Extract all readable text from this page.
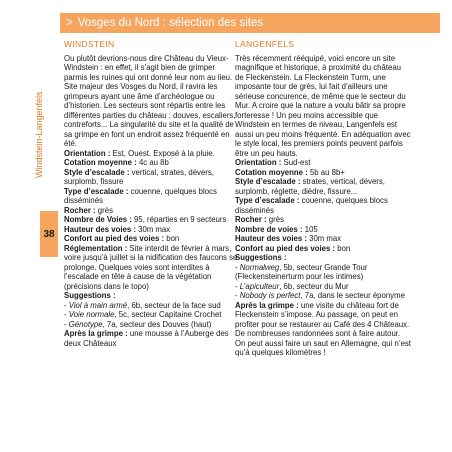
> Vosges du Nord : sélection des sites
Windstein-Langenfels
38
WINDSTEIN

Ou plutôt devrions-nous dire Château du Vieux-Windstein : en effet, il s’agit bien de grimper parmis les ruines qui ont donné leur nom au lieu. Site majeur des Vosges du Nord, il ravira les grimpeurs ayant une âme d’archéologue ou d’historien. Les secteurs sont répartis entre les différentes parties du château : douves, escaliers, contreforts... La singularité du site et la qualité de sa grimpe en font un endroit assez fréquenté en été.

Orientation : Est, Ouest. Exposé à la pluie.

Cotation moyenne : 4c au 8b

Style d’escalade : vertical, strates, dévers, surplomb, fissure

Type d’escalade : couenne, quelques blocs disséminés

Rocher : grès

Nombre de Voies : 95, réparties en 9 secteurs

Hauteur des voies : 30m max

Confort au pied des voies : bon

Réglementation : Site interdit de février à mars, voire jusqu’à juillet si la nidification des faucons se prolonge. Quelques voies sont interdites à l’escalade en tête à cause de la végétation (précisions dans le topo)

Suggestions :

- Viol à main armé, 6b, secteur de la face sud

- Voie normale, 5c, secteur Capitaine Crochet

- Génotype, 7a, secteur des Douves (haut)

Après la grimpe : une mousse à l’Auberge des deux Châteaux

LANGENFELS

Très récemment rééquipé, voici encore un site magnifique et historique, à proximité du château de Fleckenstein. La Fleckenstein Turm, une imposante tour de grès, lui fait d’ailleurs une sérieuse concurence, de même que le secteur du Mur. A croire que la nature a voulu bâtir sa propre forteresse ! Un peu moins accessible que Windstein en termes de niveau, Langenfels est aussi un peu moins fréquenté. En adéquation avec le style local, les premiers points peuvent parfois être un peu hauts.

Orientation : Sud-est

Cotation moyenne : 5b au 8b+

Style d’escalade : strates, vertical, dévers, surplomb, réglette, dièdre, fissure...

Type d’escalade : couenne, quelques blocs disséminés

Rocher : grès

Nombre de voies : 105

Hauteur des voies : 30m max

Confort au pied des voies : bon

Suggestions :

- Normalweg, 5b, secteur Grande Tour (Fleckensteinerturm pour les intimes)

- L’apiculteur, 6b, secteur du Mur

- Nobody is perfect, 7a, dans le secteur éponyme

Après la grimpe : une visite du château fort de Fleckenstein s’impose. Au passage, on peut en profiter pour se restaurer au Café des 4 Châteaux. De nombreuses randonnées sont à faire autour.

On peut aussi faire un saut en Allemagne, qui n’est qu’à quelques kilomètres !
